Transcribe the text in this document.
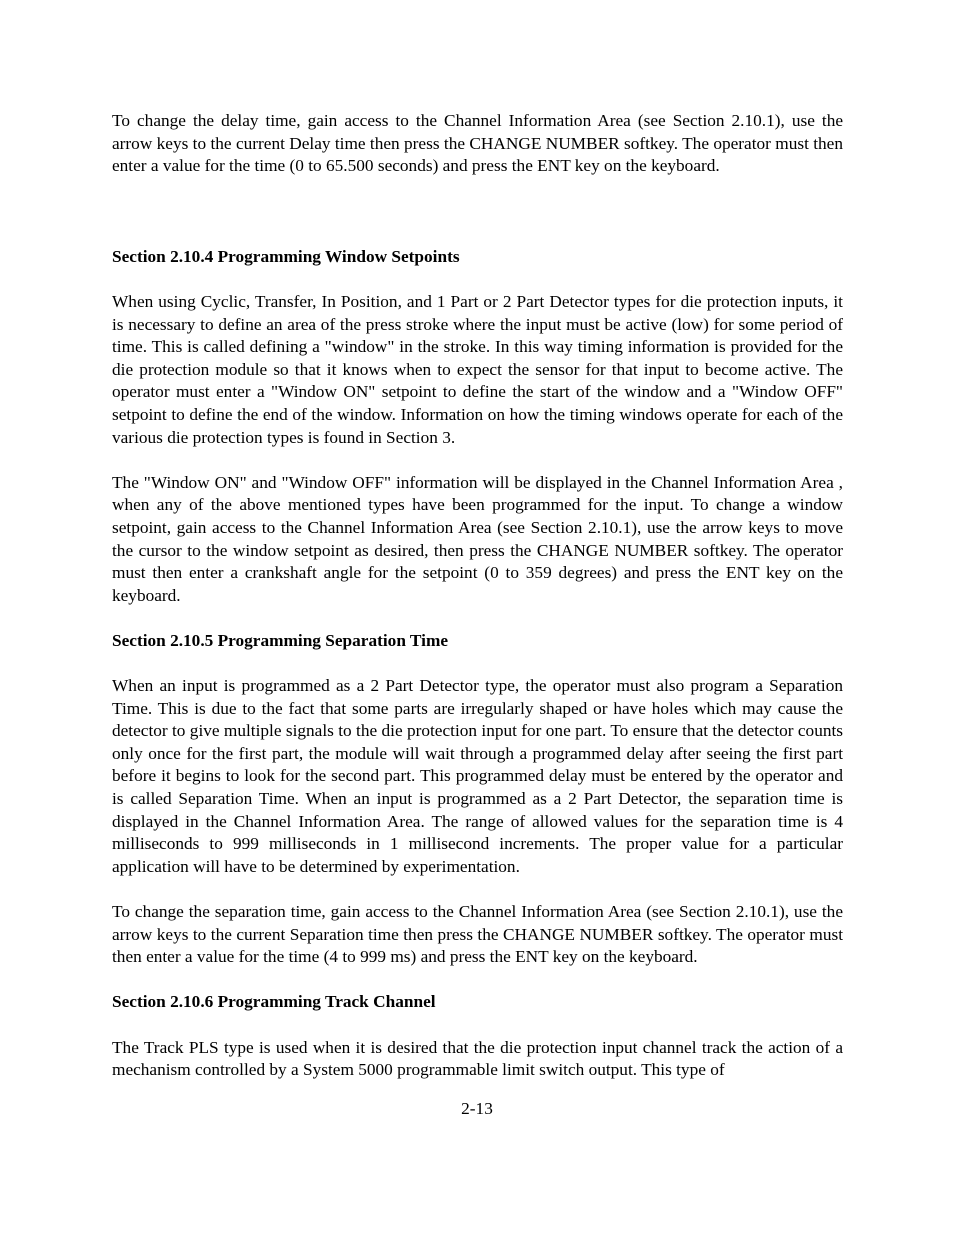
To change the delay time, gain access to the Channel Information Area (see Section 2.10.1), use the arrow keys to the current Delay time then press the CHANGE NUMBER softkey. The operator must then enter a value for the time (0 to 65.500 seconds) and press the ENT key on the keyboard.

Section 2.10.4 Programming Window Setpoints

When using Cyclic, Transfer, In Position, and 1 Part or 2 Part Detector types for die protection inputs, it is necessary to define an area of the press stroke where the input must be active (low) for some period of time. This is called defining a "window" in the stroke. In this way timing information is provided for the die protection module so that it knows when to expect the sensor for that input to become active. The operator must enter a "Window ON" setpoint to define the start of the window and a "Window OFF" setpoint to define the end of the window. Information on how the timing windows operate for each of the various die protection types is found in Section 3.

The "Window ON" and "Window OFF" information will be displayed in the Channel Information Area , when any of the above mentioned types have been programmed for the input. To change a window setpoint, gain access to the Channel Information Area (see Section 2.10.1), use the arrow keys to move the cursor to the window setpoint as desired, then press the CHANGE NUMBER softkey. The operator must then enter a crankshaft angle for the setpoint (0 to 359 degrees) and press the ENT key on the keyboard.

Section 2.10.5 Programming Separation Time

When an input is programmed as a 2 Part Detector type, the operator must also program a Separation Time. This is due to the fact that some parts are irregularly shaped or have holes which may cause the detector to give multiple signals to the die protection input for one part. To ensure that the detector counts only once for the first part, the module will wait through a programmed delay after seeing the first part before it begins to look for the second part. This programmed delay must be entered by the operator and is called Separation Time. When an input is programmed as a 2 Part Detector, the separation time is displayed in the Channel Information Area. The range of allowed values for the separation time is 4 milliseconds to 999 milliseconds in 1 millisecond increments. The proper value for a particular application will have to be determined by experimentation.

To change the separation time, gain access to the Channel Information Area (see Section 2.10.1), use the arrow keys to the current Separation time then press the CHANGE NUMBER softkey. The operator must then enter a value for the time (4 to 999 ms) and press the ENT key on the keyboard.

Section 2.10.6 Programming Track Channel

The Track PLS type is used when it is desired that the die protection input channel track the action of a mechanism controlled by a System 5000 programmable limit switch output. This type of

2-13
